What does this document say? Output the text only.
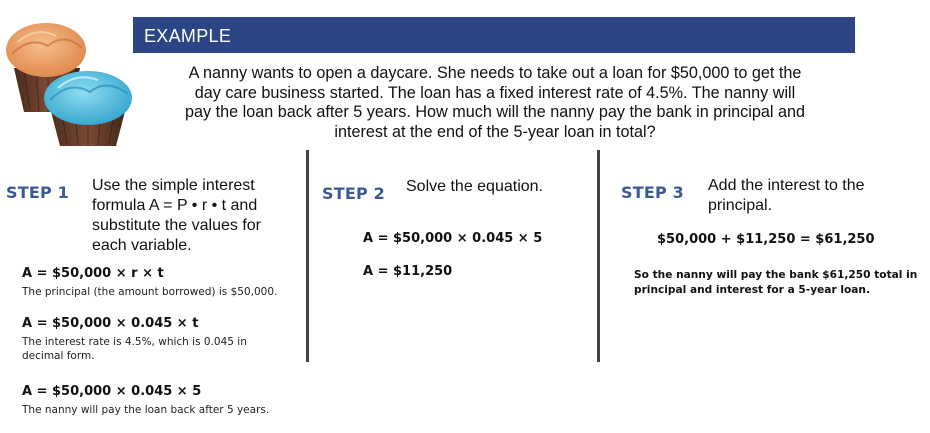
EXAMPLE
A nanny wants to open a daycare. She needs to take out a loan for $50,000 to get the
day care business started. The loan has a fixed interest rate of 4.5%. The nanny will
pay the loan back after 5 years. How much will the nanny pay the bank in principal and
interest at the end of the 5-year loan in total?
STEP 1 Use the simple interest
formula A = P • r • t and
substitute the values for
each variable.
A = $50,000 × r × t
The principal (the amount borrowed) is $50,000.
A = $50,000 × 0.045 × t
The interest rate is 4.5%, which is 0.045 in
decimal form.
A = $50,000 × 0.045 × 5
The nanny will pay the loan back after 5 years.
STEP 2 Solve the equation.
A = $50,000 × 0.045 × 5
A = $11,250
STEP 3 Add the interest to the
principal.
$50,000 + $11,250 = $61,250
So the nanny will pay the bank $61,250 total in
principal and interest for a 5-year loan.
